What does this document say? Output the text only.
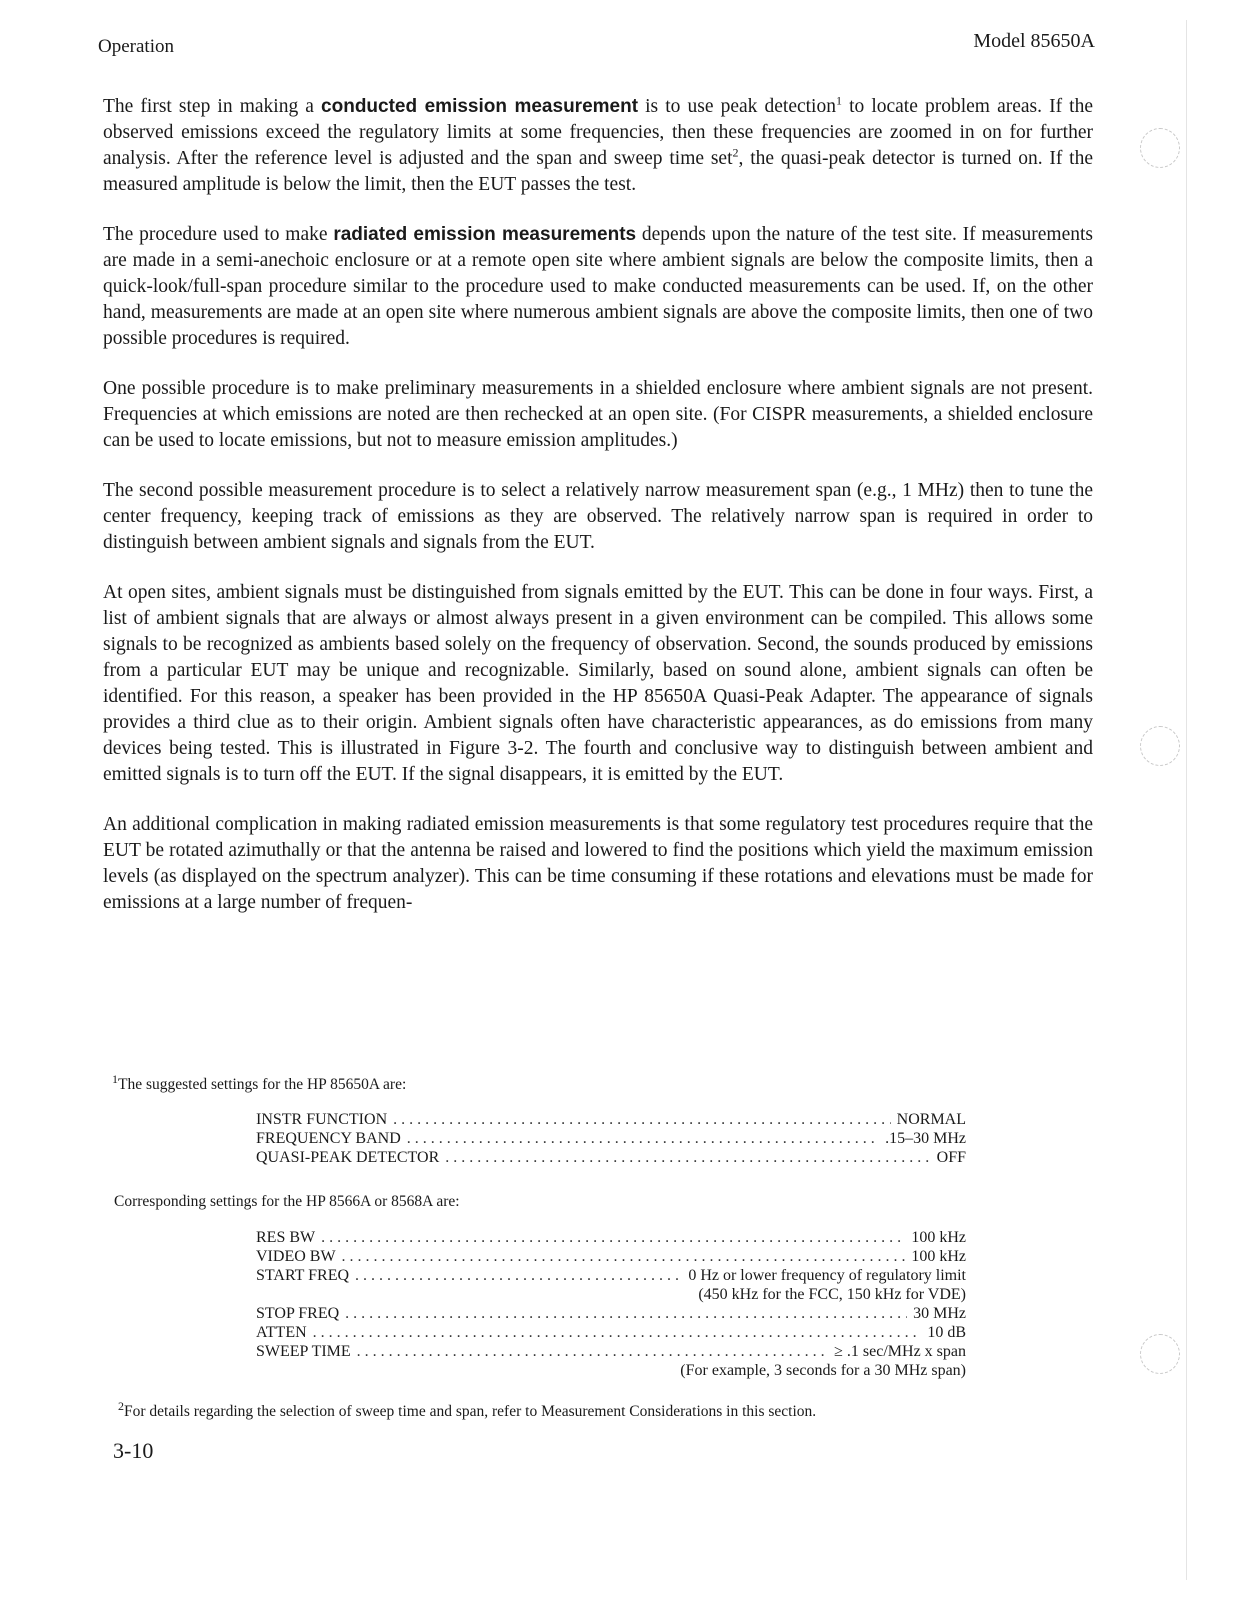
Operation	Model 85650A

The first step in making a conducted emission measurement is to use peak detection$^1$ to locate problem areas. If the observed emissions exceed the regulatory limits at some frequencies, then these frequencies are zoomed in on for further analysis. After the reference level is adjusted and the span and sweep time set$^2$, the quasi-peak detector is turned on. If the measured amplitude is below the limit, then the EUT passes the test.

The procedure used to make radiated emission measurements depends upon the nature of the test site. If measurements are made in a semi-anechoic enclosure or at a remote open site where ambient signals are below the composite limits, then a quick-look/full-span procedure similar to the procedure used to make conducted measurements can be used. If, on the other hand, measurements are made at an open site where numerous ambient signals are above the composite limits, then one of two possible procedures is required.

One possible procedure is to make preliminary measurements in a shielded enclosure where ambient signals are not present. Frequencies at which emissions are noted are then rechecked at an open site. (For CISPR measurements, a shielded enclosure can be used to locate emissions, but not to measure emission amplitudes.)

The second possible measurement procedure is to select a relatively narrow measurement span (e.g., 1 MHz) then to tune the center frequency, keeping track of emissions as they are observed. The relatively narrow span is required in order to distinguish between ambient signals and signals from the EUT.

At open sites, ambient signals must be distinguished from signals emitted by the EUT. This can be done in four ways. First, a list of ambient signals that are always or almost always present in a given environment can be compiled. This allows some signals to be recognized as ambients based solely on the frequency of observation. Second, the sounds produced by emissions from a particular EUT may be unique and recognizable. Similarly, based on sound alone, ambient signals can often be identified. For this reason, a speaker has been provided in the HP 85650A Quasi-Peak Adapter. The appearance of signals provides a third clue as to their origin. Ambient signals often have characteristic appearances, as do emissions from many devices being tested. This is illustrated in Figure 3-2. The fourth and conclusive way to distinguish between ambient and emitted signals is to turn off the EUT. If the signal disappears, it is emitted by the EUT.

An additional complication in making radiated emission measurements is that some regulatory test procedures require that the EUT be rotated azimuthally or that the antenna be raised and lowered to find the positions which yield the maximum emission levels (as displayed on the spectrum analyzer). This can be time consuming if these rotations and elevations must be made for emissions at a large number of frequen-

$^1$The suggested settings for the HP 85650A are:
INSTR FUNCTION . . .	NORMAL
FREQUENCY BAND . . .	.15–30 MHz
QUASI-PEAK DETECTOR . . .	OFF
Corresponding settings for the HP 8566A or 8568A are:
RES BW . . .	100 kHz
VIDEO BW . . .	100 kHz
START FREQ . . .	0 Hz or lower frequency of regulatory limit
(450 kHz for the FCC, 150 kHz for VDE)
STOP FREQ . . .	30 MHz
ATTEN . . .	10 dB
SWEEP TIME . . .	≥ .1 sec/MHz x span
(For example, 3 seconds for a 30 MHz span)
$^2$For details regarding the selection of sweep time and span, refer to Measurement Considerations in this section.
3-10
